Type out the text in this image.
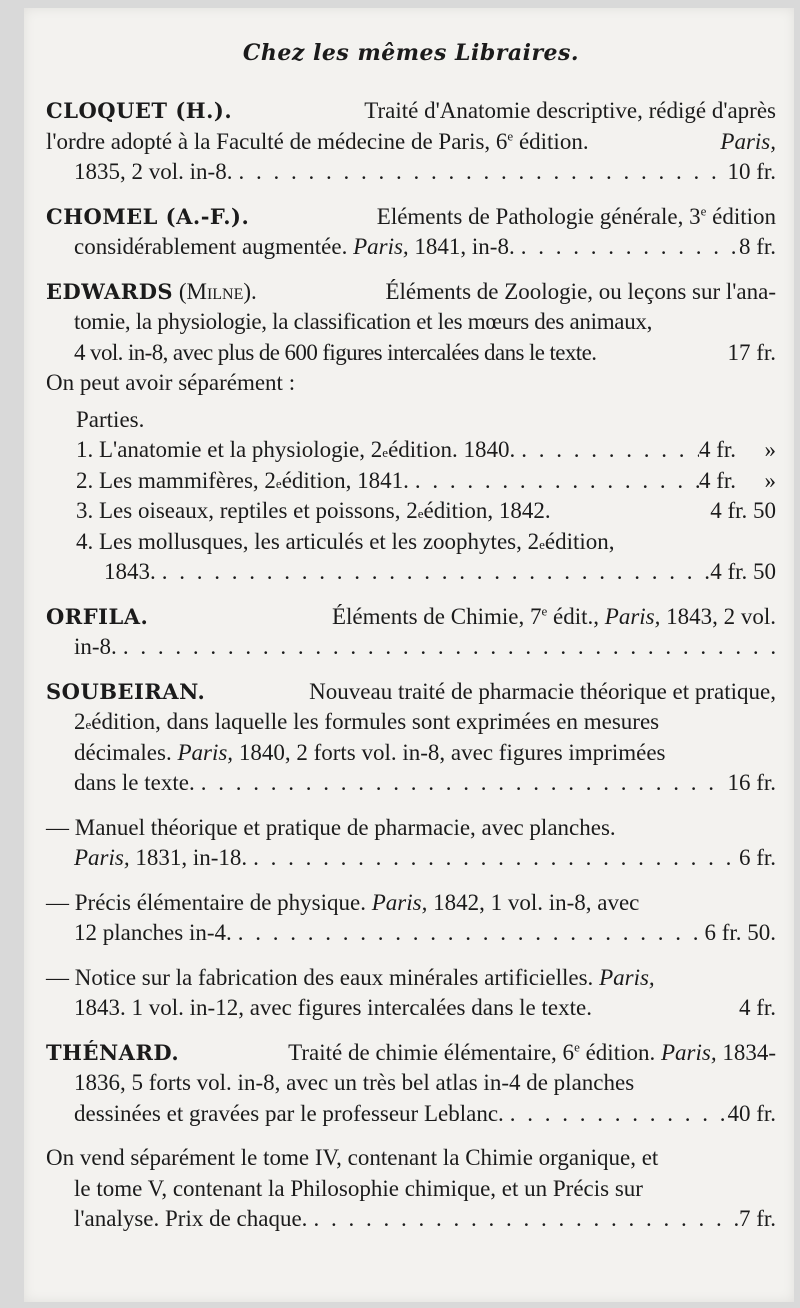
Chez les mêmes Libraires.
CLOQUET (H.).	Traité d'Anatomie descriptive, rédigé d'après
l'ordre adopté à la Faculté de médecine de Paris, 6e édition.	Paris,
1835, 2 vol. in-8. . . .	10 fr.
CHOMEL (A.-F.).	Eléments de Pathologie générale, 3e édition
considérablement augmentée.
Paris,
1841, in-8. . . .	8 fr.
EDWARDS (Milne).	Éléments de Zoologie, ou leçons sur l'ana-
tomie, la physiologie, la classification et les mœurs des animaux,
4 vol. in-8, avec plus de 600 figures intercalées dans le texte.	17 fr.
On peut avoir séparément :
Parties.
1.
L'anatomie et la physiologie, 2 e édition. 1840. . . .	4 fr.	»
2.
Les mammifères, 2 e édition, 1841. . . .	4 fr.	»
3.
Les oiseaux, reptiles et poissons, 2 e édition, 1842.	4 fr. 50
4.
Les mollusques, les articulés et les zoophytes, 2 e édition,
1843. . . .	4 fr. 50
ORFILA.	Éléments de Chimie, 7e édit., Paris, 1843, 2 vol.
in-8.
. . .
SOUBEIRAN.	Nouveau traité de pharmacie théorique et pratique,
2 e édition, dans laquelle les formules sont exprimées en mesures
décimales.
Paris,
1840, 2 forts vol. in-8, avec figures imprimées
dans le texte. . . .	16 fr.
— Manuel théorique et pratique de pharmacie, avec planches.
Paris,
1831, in-18. . . .	6 fr.
— Précis élémentaire de physique.
Paris,
1842, 1 vol. in-8, avec
12 planches in-4. . . .	6 fr. 50.
— Notice sur la fabrication des eaux minérales artificielles.
Paris,
1843. 1 vol. in-12, avec figures intercalées dans le texte.	4 fr.
THÉNARD.	Traité de chimie élémentaire, 6e édition. Paris, 1834-
1836, 5 forts vol. in-8, avec un très bel atlas in-4 de planches
dessinées et gravées par le professeur Leblanc. . . .	40 fr.
On vend séparément le tome IV, contenant la Chimie organique, et
le tome V, contenant la Philosophie chimique, et un Précis sur
l'analyse. Prix de chaque. . . .	7 fr.
